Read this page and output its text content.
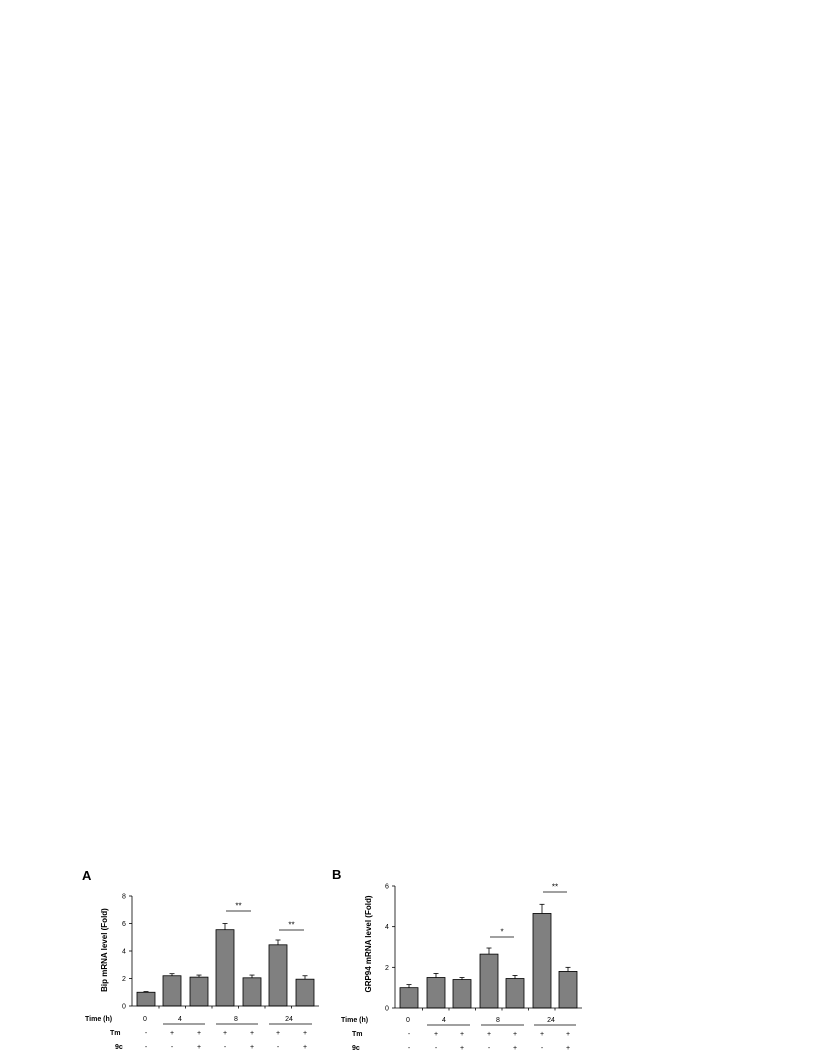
A
Bip mRNA level (Fold)
0
2
4
6
8
**
**
Time (h)
Tm
9c
0	4	8	24
-	+	+	+	+	+	+
-	-	+	-	+	-	+
B
GRP94 mRNA level (Fold)
0
2
4
6
*
**
Time (h)
Tm
9c
0	4	8	24
-	+	+	+	+	+	+
-	-	+	-	+	-	+
